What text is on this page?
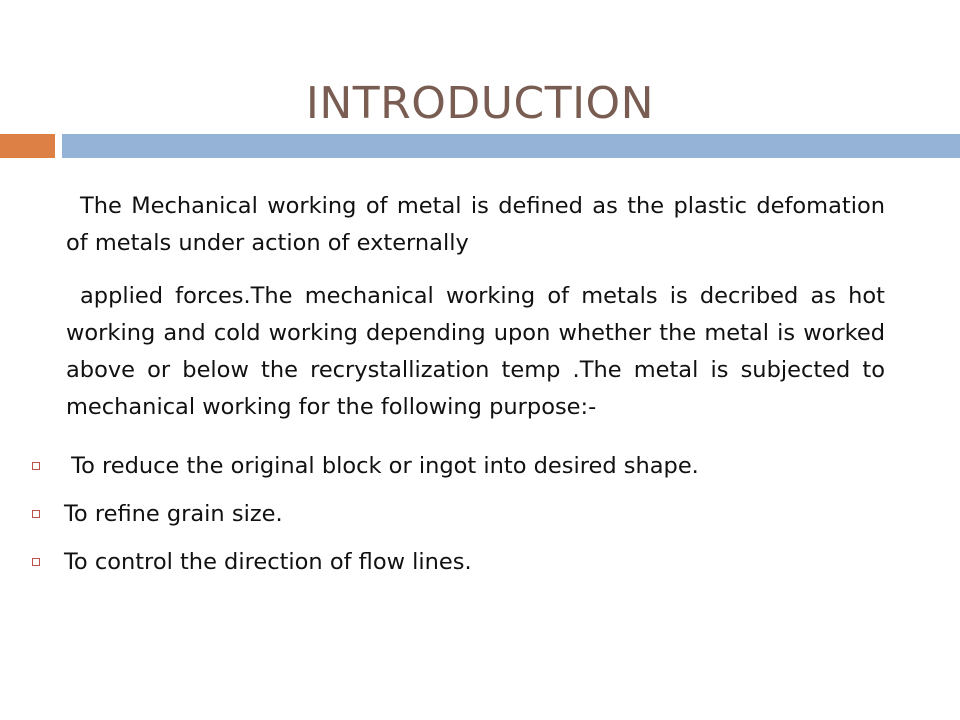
INTRODUCTION

The Mechanical working of metal is defined as the plastic defomation of metals under action of externally

applied forces.The mechanical working of metals is decribed as hot working and cold working depending upon whether the metal is worked above or below the recrystallization temp .The metal is subjected to mechanical working for the following purpose:-

To reduce the original block or ingot into desired shape.
To refine grain size.
To control the direction of flow lines.
